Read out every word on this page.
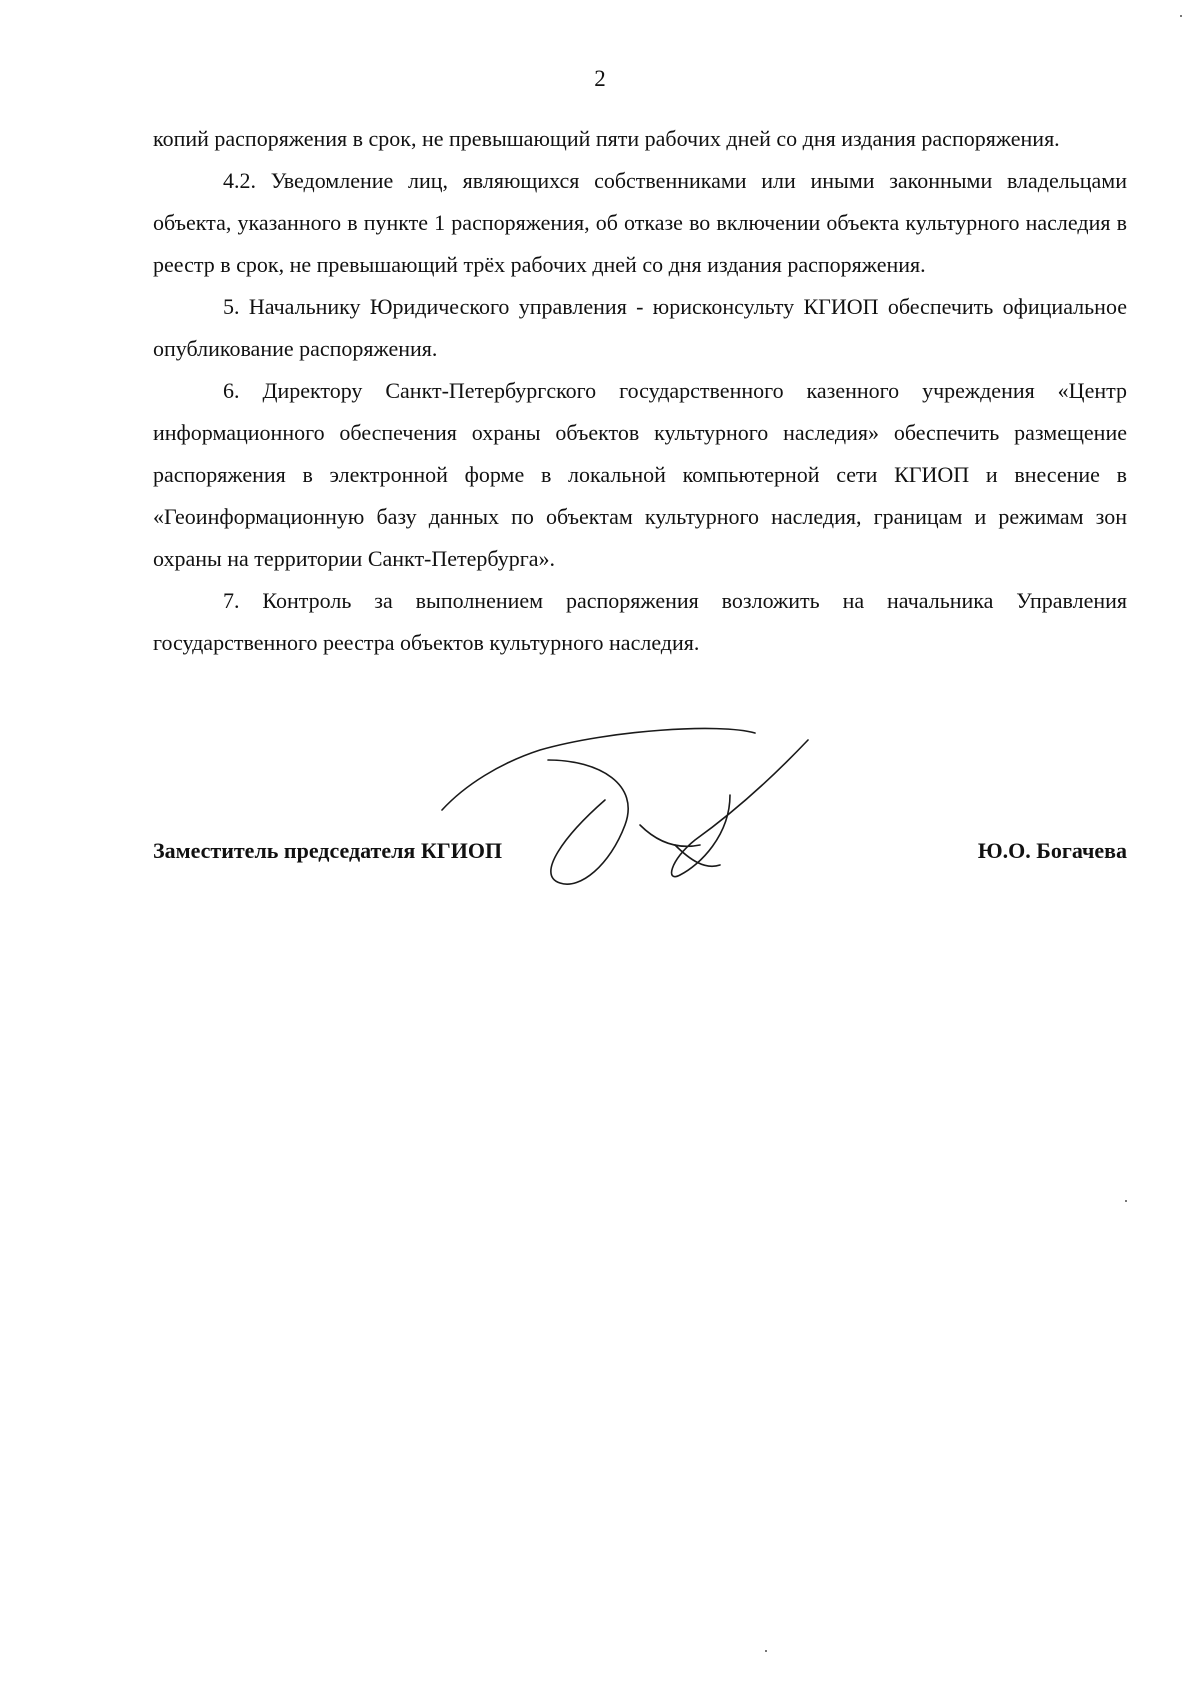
2

копий распоряжения в срок, не превышающий пяти рабочих дней со дня издания распоряжения.

4.2. Уведомление лиц, являющихся собственниками или иными законными владельцами объекта, указанного в пункте 1 распоряжения, об отказе во включении объекта культурного наследия в реестр в срок, не превышающий трёх рабочих дней со дня издания распоряжения.

5. Начальнику Юридического управления - юрисконсульту КГИОП обеспечить официальное опубликование распоряжения.

6. Директору Санкт-Петербургского государственного казенного учреждения «Центр информационного обеспечения охраны объектов культурного наследия» обеспечить размещение распоряжения в электронной форме в локальной компьютерной сети КГИОП и внесение в «Геоинформационную базу данных по объектам культурного наследия, границам и режимам зон охраны на территории Санкт-Петербурга».

7. Контроль за выполнением распоряжения возложить на начальника Управления государственного реестра объектов культурного наследия.

Заместитель председателя КГИОП	Ю.О. Богачева
